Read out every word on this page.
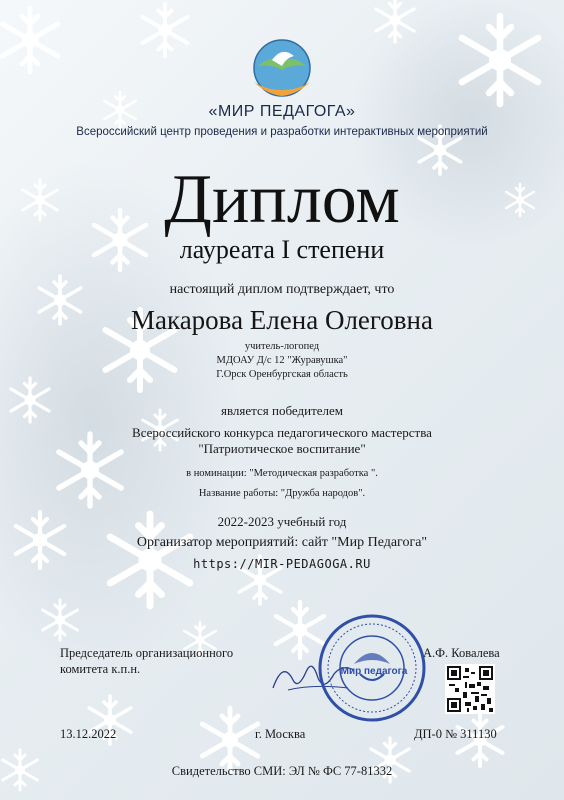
«МИР ПЕДАГОГА»
Всероссийский центр проведения и разработки интерактивных мероприятий
Диплом
лауреата I степени
настоящий диплом подтверждает, что
Макарова Елена Олеговна
учитель-логопед
МДОАУ Д/с 12 "Журавушка"
Г.Орск Оренбургская область
является победителем
Всероссийского конкурса педагогического мастерства
"Патриотическое воспитание"
в номинации: "Методическая разработка ".
Название работы: "Дружба народов".
2022-2023 учебный год
Организатор мероприятий: сайт "Мир Педагога"
https://MIR-PEDAGOGA.RU
Председатель организационного
комитета к.п.н.
А.Ф. Ковалева
Мир педагога
13.12.2022	г. Москва	ДП-0 № 311130
Свидетельство СМИ: ЭЛ № ФС 77-81332
